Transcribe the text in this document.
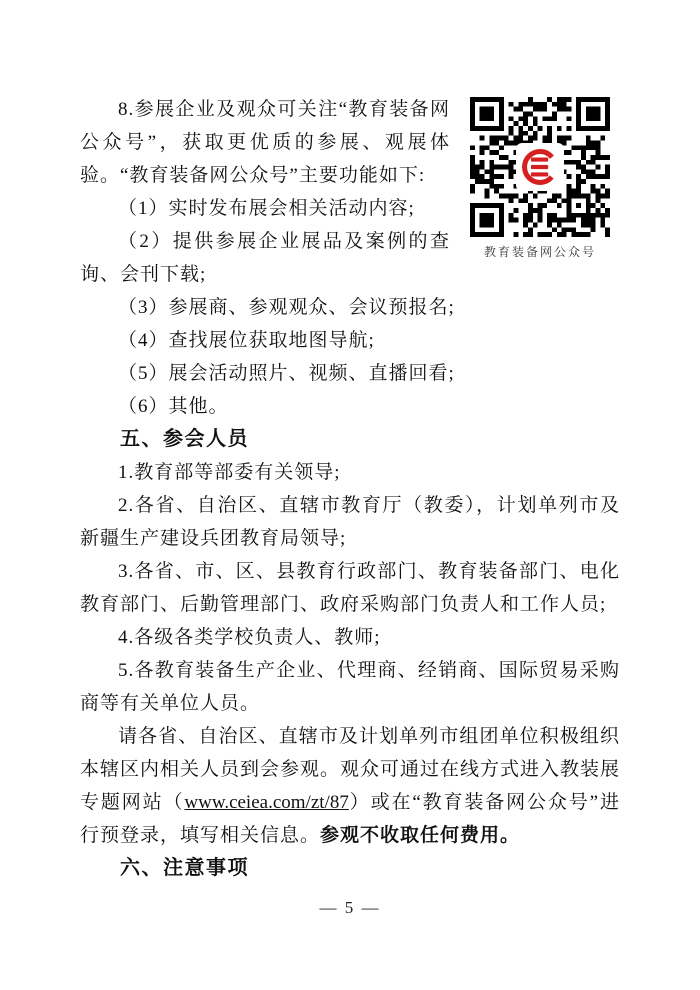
教育装备网公众号

8.参展企业及观众可关注“教育装备网公众号”，获取更优质的参展、观展体验。“教育装备网公众号”主要功能如下:

（1）实时发布展会相关活动内容;

（2）提供参展企业展品及案例的查询、会刊下载;

（3）参展商、参观观众、会议预报名;

（4）查找展位获取地图导航;

（5）展会活动照片、视频、直播回看;

（6）其他。

五、参会人员

1.教育部等部委有关领导;

2.各省、自治区、直辖市教育厅（教委），计划单列市及新疆生产建设兵团教育局领导;

3.各省、市、区、县教育行政部门、教育装备部门、电化教育部门、后勤管理部门、政府采购部门负责人和工作人员;

4.各级各类学校负责人、教师;

5.各教育装备生产企业、代理商、经销商、国际贸易采购商等有关单位人员。

请各省、自治区、直辖市及计划单列市组团单位积极组织本辖区内相关人员到会参观。观众可通过在线方式进入教装展专题网站（www.ceiea.com/zt/87）或在“教育装备网公众号”进行预登录，填写相关信息。参观不收取任何费用。

六、注意事项

— 5 —
